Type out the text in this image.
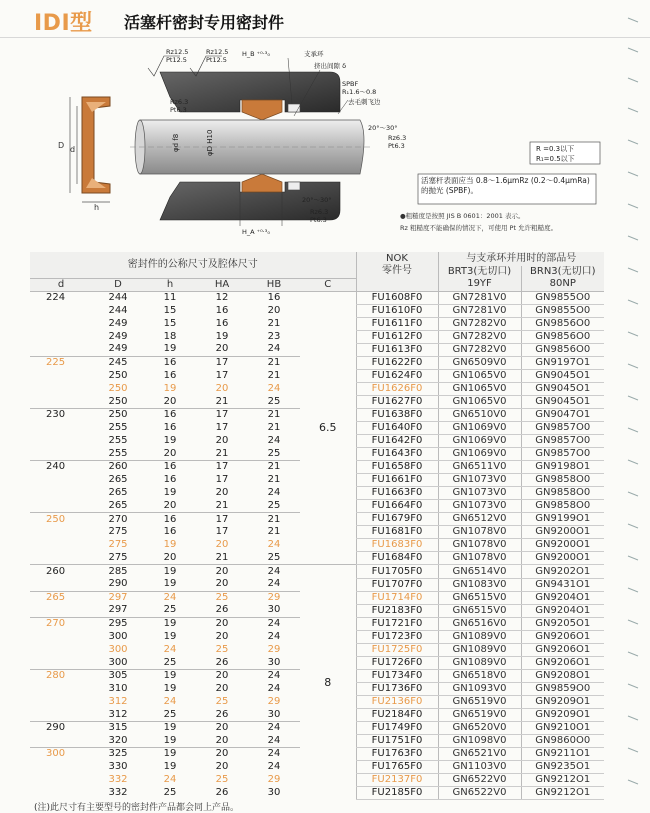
IDI型 活塞杆密封专用密封件
D d
h
φd f8	φD H10
Rz12.5
Pt12.5
Rz12.5
Pt12.5
Rz6.3
Pt6.3
H_B ⁺⁰·³₀	支承环
挤出间隙 δ
SPBF
R₁1.6～0.8
去毛刺飞边
20°～30°
Rz6.3
Pt6.3
20°～30°
Rz6.3
Pt6.3
H_A ⁺⁰·³₀
R =0.3以下
R₁=0.5以下
活塞杆表面应当 0.8～1.6μmRz (0.2～0.4μmRa) 的抛光 (SPBF)。
●粗糙度是按照 JIS B 0601：2001 表示。
Rz 粗糙度不能确保的情况下，可使用 Pt 允许粗糙度。
密封件的公称尺寸及腔体尺寸						NOK
零件号	与支承环并用时的部品号	
							BRT3(无切口)	BRN3(无切口)
d	D	h	HA	HB	C		19YF	80NP
224	244	11	12	16	6.5	FU1608F0	GN7281V0	GN9855O0
	244	15	16	20		FU1610F0	GN7281V0	GN9855O0
	249	15	16	21		FU1611F0	GN7282V0	GN9856O0
	249	18	19	23		FU1612F0	GN7282V0	GN9856O0
	249	19	20	24		FU1613F0	GN7282V0	GN9856O0
225	245	16	17	21		FU1622F0	GN6509V0	GN9197O1
	250	16	17	21		FU1624F0	GN1065V0	GN9045O1
	250	19	20	24		FU1626F0	GN1065V0	GN9045O1
	250	20	21	25		FU1627F0	GN1065V0	GN9045O1
230	250	16	17	21		FU1638F0	GN6510V0	GN9047O1
	255	16	17	21		FU1640F0	GN1069V0	GN9857O0
	255	19	20	24		FU1642F0	GN1069V0	GN9857O0
	255	20	21	25		FU1643F0	GN1069V0	GN9857O0
240	260	16	17	21		FU1658F0	GN6511V0	GN9198O1
	265	16	17	21		FU1661F0	GN1073V0	GN9858O0
	265	19	20	24		FU1663F0	GN1073V0	GN9858O0
	265	20	21	25		FU1664F0	GN1073V0	GN9858O0
250	270	16	17	21		FU1679F0	GN6512V0	GN9199O1
	275	16	17	21		FU1681F0	GN1078V0	GN9200O1
	275	19	20	24		FU1683F0	GN1078V0	GN9200O1
	275	20	21	25		FU1684F0	GN1078V0	GN9200O1
260	285	19	20	24	8	FU1705F0	GN6514V0	GN9202O1
	290	19	20	24		FU1707F0	GN1083V0	GN9431O1
265	297	24	25	29		FU1714F0	GN6515V0	GN9204O1
	297	25	26	30		FU2183F0	GN6515V0	GN9204O1
270	295	19	20	24		FU1721F0	GN6516V0	GN9205O1
	300	19	20	24		FU1723F0	GN1089V0	GN9206O1
	300	24	25	29		FU1725F0	GN1089V0	GN9206O1
	300	25	26	30		FU1726F0	GN1089V0	GN9206O1
280	305	19	20	24		FU1734F0	GN6518V0	GN9208O1
	310	19	20	24		FU1736F0	GN1093V0	GN9859O0
	312	24	25	29		FU2136F0	GN6519V0	GN9209O1
	312	25	26	30		FU2184F0	GN6519V0	GN9209O1
290	315	19	20	24		FU1749F0	GN6520V0	GN9210O1
	320	19	20	24		FU1751F0	GN1098V0	GN9860O0
300	325	19	20	24		FU1763F0	GN6521V0	GN9211O1
	330	19	20	24		FU1765F0	GN1103V0	GN9235O1
	332	24	25	29		FU2137F0	GN6522V0	GN9212O1
	332	25	26	30		FU2185F0	GN6522V0	GN9212O1
(注)此尺寸有主要型号的密封件产品都会同上产品。
